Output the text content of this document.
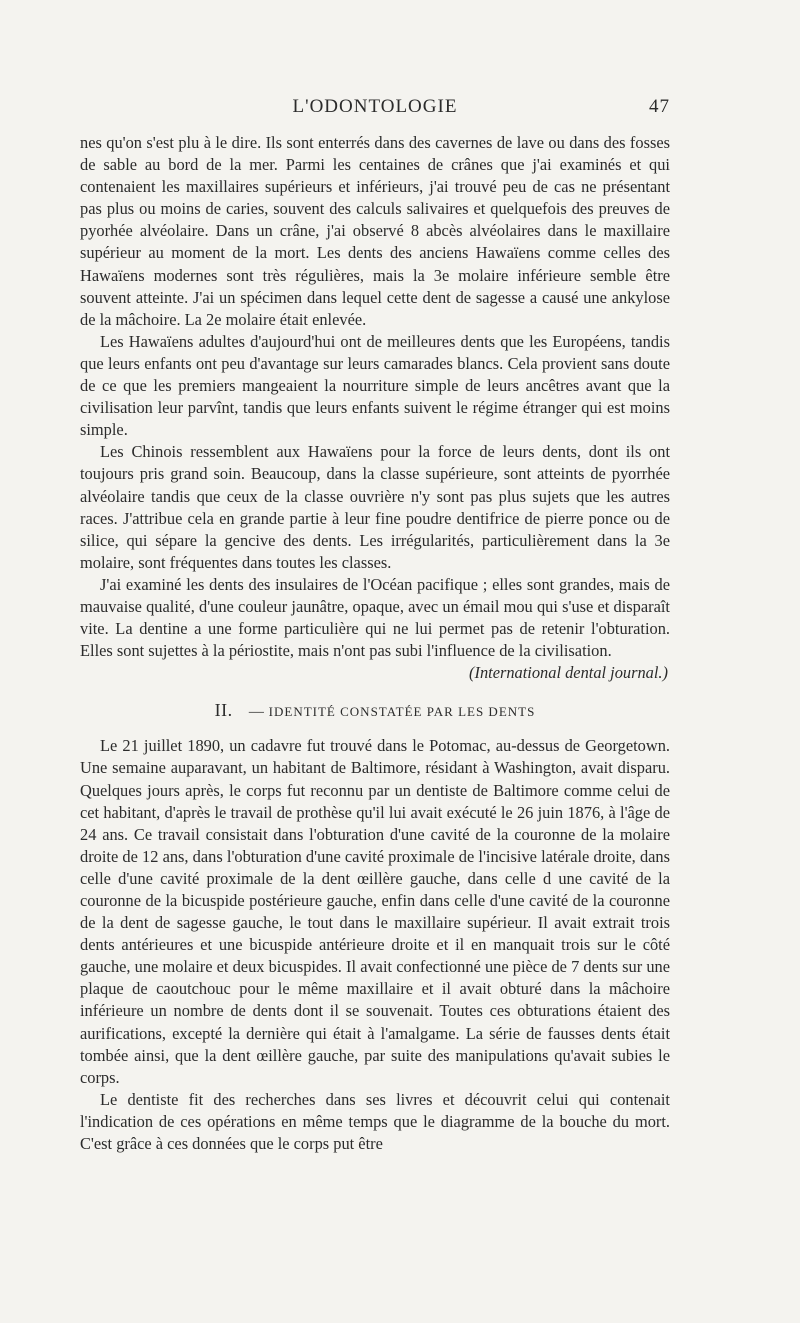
L'ODONTOLOGIE	47

nes qu'on s'est plu à le dire. Ils sont enterrés dans des cavernes de lave ou dans des fosses de sable au bord de la mer. Parmi les centaines de crânes que j'ai examinés et qui contenaient les maxillaires supérieurs et inférieurs, j'ai trouvé peu de cas ne présentant pas plus ou moins de caries, souvent des calculs salivaires et quelquefois des preuves de pyorhée alvéolaire. Dans un crâne, j'ai observé 8 abcès alvéolaires dans le maxillaire supérieur au moment de la mort. Les dents des anciens Hawaïens comme celles des Hawaïens modernes sont très régulières, mais la 3e molaire inférieure semble être souvent atteinte. J'ai un spécimen dans lequel cette dent de sagesse a causé une ankylose de la mâchoire. La 2e molaire était enlevée.

Les Hawaïens adultes d'aujourd'hui ont de meilleures dents que les Européens, tandis que leurs enfants ont peu d'avantage sur leurs camarades blancs. Cela provient sans doute de ce que les premiers mangeaient la nourriture simple de leurs ancêtres avant que la civilisation leur parvînt, tandis que leurs enfants suivent le régime étranger qui est moins simple.

Les Chinois ressemblent aux Hawaïens pour la force de leurs dents, dont ils ont toujours pris grand soin. Beaucoup, dans la classe supérieure, sont atteints de pyorrhée alvéolaire tandis que ceux de la classe ouvrière n'y sont pas plus sujets que les autres races. J'attribue cela en grande partie à leur fine poudre dentifrice de pierre ponce ou de silice, qui sépare la gencive des dents. Les irrégularités, particulièrement dans la 3e molaire, sont fréquentes dans toutes les classes.

J'ai examiné les dents des insulaires de l'Océan pacifique ; elles sont grandes, mais de mauvaise qualité, d'une couleur jaunâtre, opaque, avec un émail mou qui s'use et disparaît vite. La dentine a une forme particulière qui ne lui permet pas de retenir l'obturation. Elles sont sujettes à la périostite, mais n'ont pas subi l'influence de la civilisation.

(International dental journal.)

II. — IDENTITÉ CONSTATÉE PAR LES DENTS

Le 21 juillet 1890, un cadavre fut trouvé dans le Potomac, au-dessus de Georgetown. Une semaine auparavant, un habitant de Baltimore, résidant à Washington, avait disparu. Quelques jours après, le corps fut reconnu par un dentiste de Baltimore comme celui de cet habitant, d'après le travail de prothèse qu'il lui avait exécuté le 26 juin 1876, à l'âge de 24 ans. Ce travail consistait dans l'obturation d'une cavité de la couronne de la molaire droite de 12 ans, dans l'obturation d'une cavité proximale de l'incisive latérale droite, dans celle d'une cavité proximale de la dent œillère gauche, dans celle d une cavité de la couronne de la bicuspide postérieure gauche, enfin dans celle d'une cavité de la couronne de la dent de sagesse gauche, le tout dans le maxillaire supérieur. Il avait extrait trois dents antérieures et une bicuspide antérieure droite et il en manquait trois sur le côté gauche, une molaire et deux bicuspides. Il avait confectionné une pièce de 7 dents sur une plaque de caoutchouc pour le même maxillaire et il avait obturé dans la mâchoire inférieure un nombre de dents dont il se souvenait. Toutes ces obturations étaient des aurifications, excepté la dernière qui était à l'amalgame. La série de fausses dents était tombée ainsi, que la dent œillère gauche, par suite des manipulations qu'avait subies le corps.

Le dentiste fit des recherches dans ses livres et découvrit celui qui contenait l'indication de ces opérations en même temps que le diagramme de la bouche du mort. C'est grâce à ces données que le corps put être
